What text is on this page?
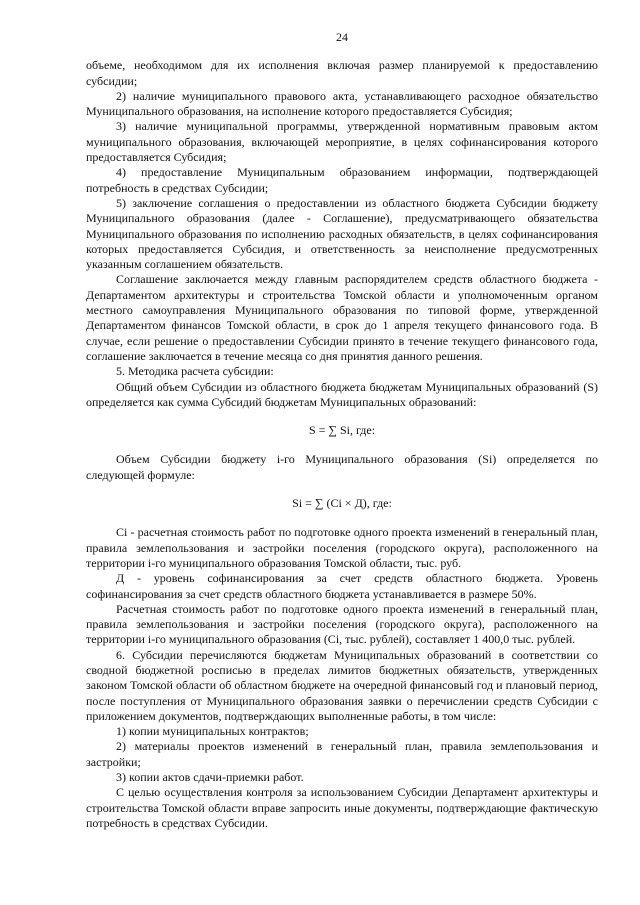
24

объеме, необходимом для их исполнения включая размер планируемой к предоставлению субсидии;

2) наличие муниципального правового акта, устанавливающего расходное обязательство Муниципального образования, на исполнение которого предоставляется Субсидия;

3) наличие муниципальной программы, утвержденной нормативным правовым актом муниципального образования, включающей мероприятие, в целях софинансирования которого предоставляется Субсидия;

4) предоставление Муниципальным образованием информации, подтверждающей потребность в средствах Субсидии;

5) заключение соглашения о предоставлении из областного бюджета Субсидии бюджету Муниципального образования (далее - Соглашение), предусматривающего обязательства Муниципального образования по исполнению расходных обязательств, в целях софинансирования которых предоставляется Субсидия, и ответственность за неисполнение предусмотренных указанным соглашением обязательств.

Соглашение заключается между главным распорядителем средств областного бюджета - Департаментом архитектуры и строительства Томской области и уполномоченным органом местного самоуправления Муниципального образования по типовой форме, утвержденной Департаментом финансов Томской области, в срок до 1 апреля текущего финансового года. В случае, если решение о предоставлении Субсидии принято в течение текущего финансового года, соглашение заключается в течение месяца со дня принятия данного решения.

5. Методика расчета субсидии:

Общий объем Субсидии из областного бюджета бюджетам Муниципальных образований (S) определяется как сумма Субсидий бюджетам Муниципальных образований:

S = ∑ Si, где:

Объем Субсидии бюджету i-го Муниципального образования (Si) определяется по следующей формуле:

Si = ∑ (Ci × Д), где:

Ci - расчетная стоимость работ по подготовке одного проекта изменений в генеральный план, правила землепользования и застройки поселения (городского округа), расположенного на территории i-го муниципального образования Томской области, тыс. руб.

Д - уровень софинансирования за счет средств областного бюджета. Уровень софинансирования за счет средств областного бюджета устанавливается в размере 50%.

Расчетная стоимость работ по подготовке одного проекта изменений в генеральный план, правила землепользования и застройки поселения (городского округа), расположенного на территории i-го муниципального образования (Ci, тыс. рублей), составляет 1 400,0 тыс. рублей.

6. Субсидии перечисляются бюджетам Муниципальных образований в соответствии со сводной бюджетной росписью в пределах лимитов бюджетных обязательств, утвержденных законом Томской области об областном бюджете на очередной финансовый год и плановый период, после поступления от Муниципального образования заявки о перечислении средств Субсидии с приложением документов, подтверждающих выполненные работы, в том числе:

1) копии муниципальных контрактов;

2) материалы проектов изменений в генеральный план, правила землепользования и застройки;

3) копии актов сдачи-приемки работ.

С целью осуществления контроля за использованием Субсидии Департамент архитектуры и строительства Томской области вправе запросить иные документы, подтверждающие фактическую потребность в средствах Субсидии.
